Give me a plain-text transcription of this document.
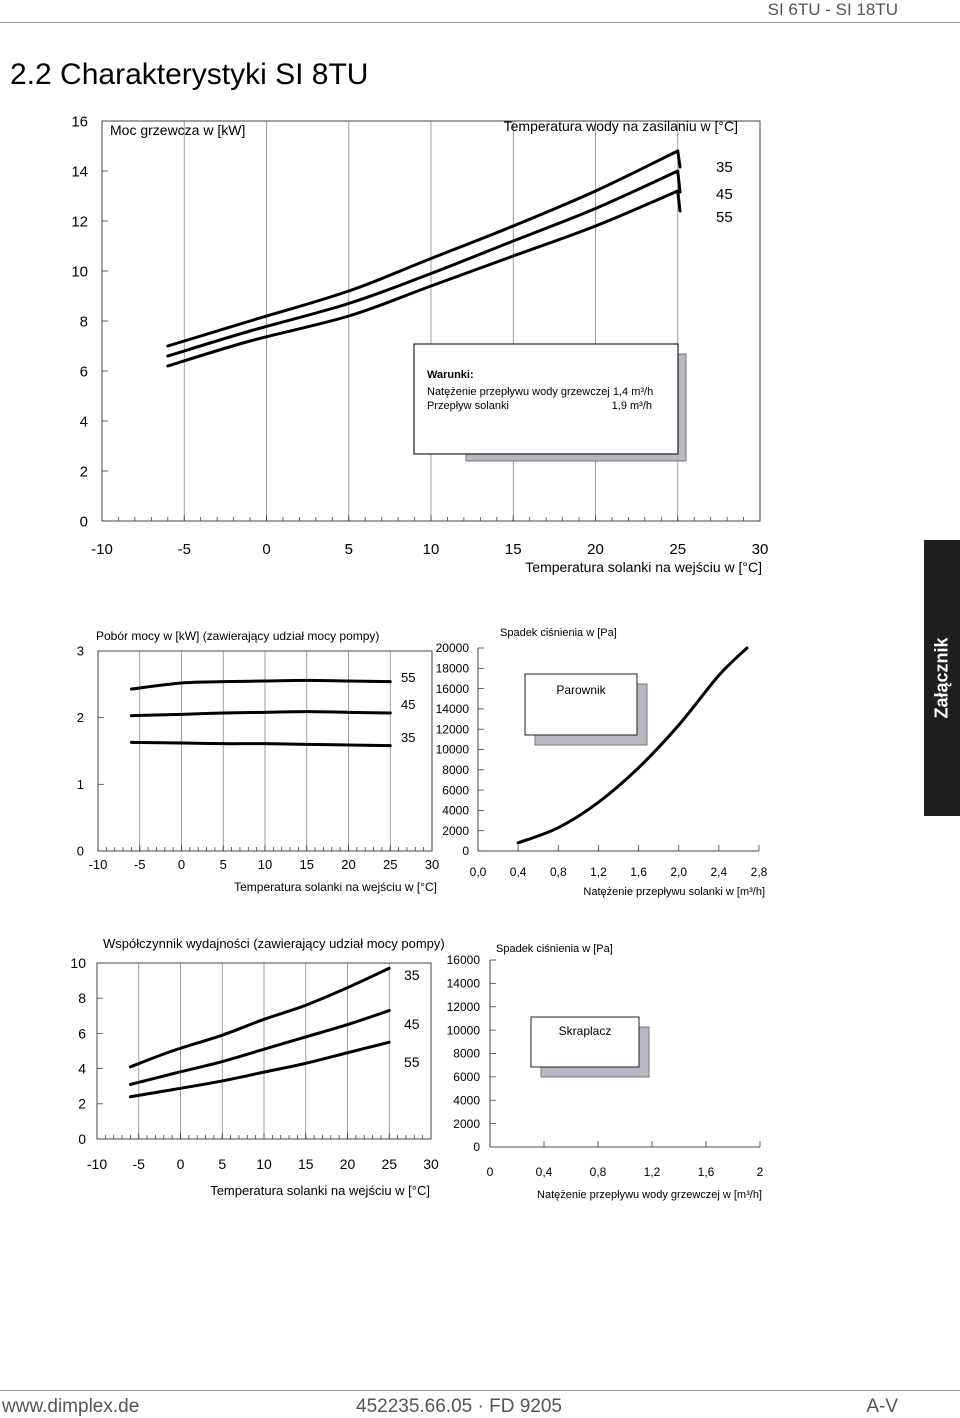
SI 6TU - SI 18TU
2.2 Charakterystyki SI 8TU
0
2
4
6
8
10
12
14
16
-10	-5	0	5	10	15	20	25	30
Moc grzewcza w [kW]	Temperatura wody na zasilaniu w [°C]
Temperatura solanki na wejściu w [°C]
Warunki:
Natężenie przepływu wody grzewczej 1,4 m³/h
Przepływ solanki	1,9 m³/h
35
45
55
0
1
2
3
-10 -5 0	5 10 15 20 25 30
Pobór mocy w [kW] (zawierający udział mocy pompy)
Temperatura solanki na wejściu w [°C]
55
45
35
0
2000
4000
6000
8000
10000
12000
14000
16000
18000
20000
0,0 0,4 0,8 1,2 1,6 2,0 2,4 2,8
Spadek ciśnienia w [Pa]
Natężenie przepływu solanki w [m³/h]
Parownik
0
2
4
6
8
10
-10 -5 0 5 10 15 20 25 30
Współczynnik wydajności (zawierający udział mocy pompy)
Temperatura solanki na wejściu w [°C]
35
45
55
0
2000
4000
6000
8000
10000
12000
14000
16000
0	0,4	0,8	1,2	1,6	2
Spadek ciśnienia w [Pa]
Natężenie przepływu wody grzewczej w [m³/h]
Skraplacz
Załącznik
www.dimplex.de	452235.66.05 · FD 9205	A-V
